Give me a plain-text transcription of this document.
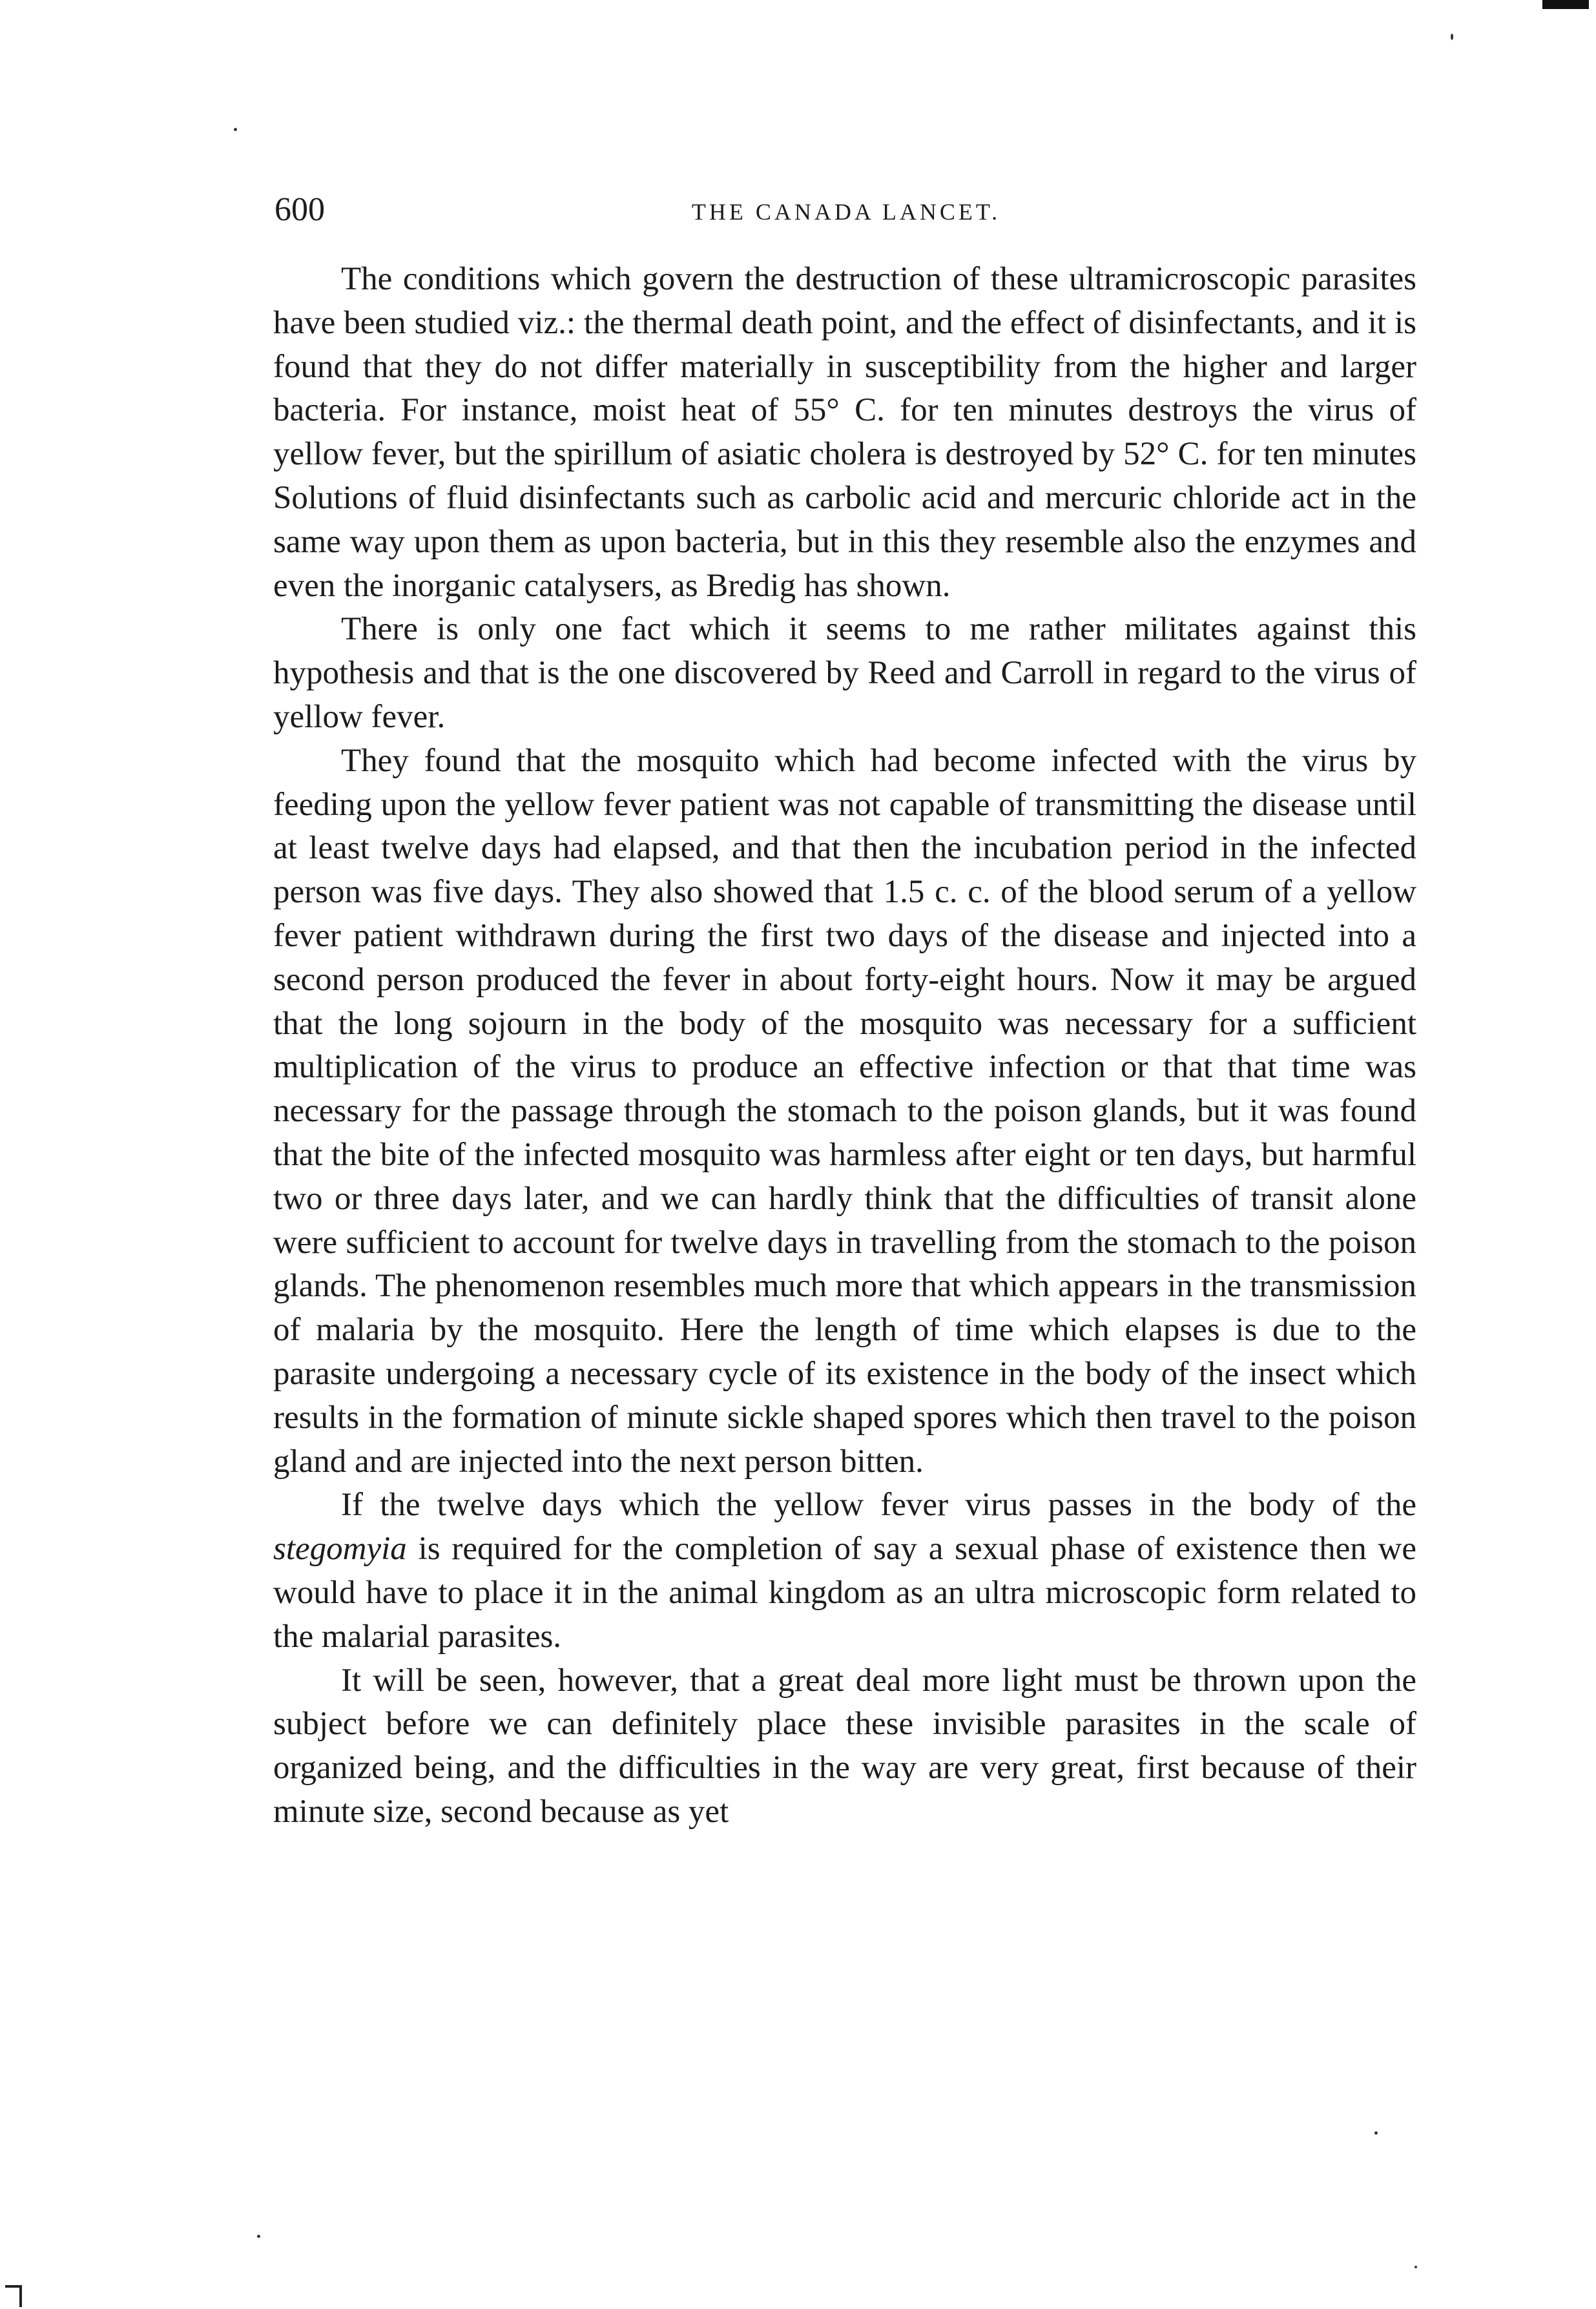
600	THE CANADA LANCET.

The conditions which govern the destruction of these ultramicroscopic parasites have been studied viz.: the thermal death point, and the effect of disinfectants, and it is found that they do not differ materially in susceptibility from the higher and larger bacteria. For instance, moist heat of 55° C. for ten minutes destroys the virus of yellow fever, but the spirillum of asiatic cholera is destroyed by 52° C. for ten minutes Solutions of fluid disinfectants such as carbolic acid and mercuric chloride act in the same way upon them as upon bacteria, but in this they resemble also the enzymes and even the inorganic catalysers, as Bredig has shown.

There is only one fact which it seems to me rather militates against this hypothesis and that is the one discovered by Reed and Carroll in regard to the virus of yellow fever.

They found that the mosquito which had become infected with the virus by feeding upon the yellow fever patient was not capable of transmitting the disease until at least twelve days had elapsed, and that then the incubation period in the infected person was five days. They also showed that 1.5 c. c. of the blood serum of a yellow fever patient withdrawn during the first two days of the disease and injected into a second person produced the fever in about forty-eight hours. Now it may be argued that the long sojourn in the body of the mosquito was necessary for a sufficient multiplication of the virus to produce an effective infection or that that time was necessary for the passage through the stomach to the poison glands, but it was found that the bite of the infected mosquito was harmless after eight or ten days, but harmful two or three days later, and we can hardly think that the difficulties of transit alone were sufficient to account for twelve days in travelling from the stomach to the poison glands. The phenomenon resembles much more that which appears in the transmission of malaria by the mosquito. Here the length of time which elapses is due to the parasite undergoing a necessary cycle of its existence in the body of the insect which results in the formation of minute sickle shaped spores which then travel to the poison gland and are injected into the next person bitten.

If the twelve days which the yellow fever virus passes in the body of the stegomyia is required for the completion of say a sexual phase of existence then we would have to place it in the animal kingdom as an ultra microscopic form related to the malarial parasites.

It will be seen, however, that a great deal more light must be thrown upon the subject before we can definitely place these invisible parasites in the scale of organized being, and the difficulties in the way are very great, first because of their minute size, second because as yet
